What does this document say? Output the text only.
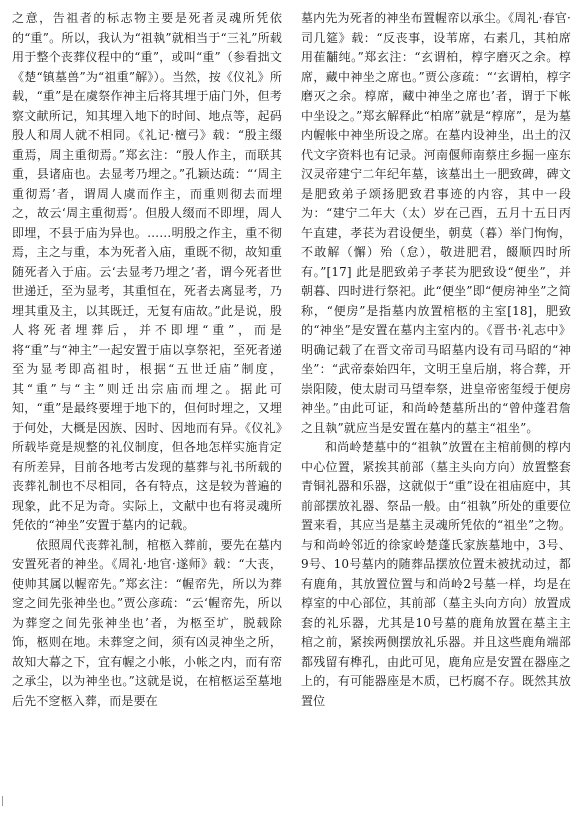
之意，告祖者的标志物主要是死者灵魂所凭依的“重”。所以，我认为“祖執”就相当于“三礼”所载用于整个丧葬仪程中的“重”，或叫“重”（参看拙文《楚“镇墓兽”为“祖重”解》）。当然，按《仪礼》所载，“重”是在虞祭作神主后将其埋于庙门外，但考察文献所记，知其埋入地下的时间、地点等，起码殷人和周人就不相同。《礼记·檀弓》载：“殷主缀重焉，周主重彻焉。”郑玄注：“殷人作主，而联其重，县诸庙也。去显考乃埋之。”孔颖达疏：“‘周主重彻焉’者，谓周人虞而作主，而重则彻去而埋之，故云‘周主重彻焉’。但殷人缀而不即埋，周人即埋，不县于庙为异也。……明殷之作主，重不彻焉，主之与重，本为死者入庙，重既不彻，故知重随死者入于庙。云‘去显考乃埋之’者，谓今死者世世递迁，至为显考，其重恒在，死者去离显考，乃埋其重及主，以其既迁，无复有庙故。”此是说，殷人将死者埋葬后，并不即埋“重”，而是将“重”与“神主”一起安置于庙以享祭祀，至死者递至为显考即高祖时，根据“五世迁庙”制度，其“重”与“主”则迁出宗庙而埋之。据此可知，“重”是最终要埋于地下的，但何时埋之，又埋于何处，大概是因族、因时、因地而有异。《仪礼》所载毕竟是规整的礼仪制度，但各地怎样实施肯定有所差异，目前各地考古发现的墓葬与礼书所载的丧葬礼制也不尽相同，各有特点，这是较为普遍的现象，此不足为奇。实际上，文献中也有将灵魂所凭依的“神坐”安置于墓内的记载。

依照周代丧葬礼制，棺柩入葬前，要先在墓内安置死者的神坐。《周礼·地官·遂师》载：“大丧，使帅其属以幄帟先。”郑玄注：“幄帟先，所以为葬窆之间先张神坐也。”贾公彦疏：“云‘幄帟先，所以为葬窆之间先张神坐也’者，为柩至圹，脱载除饰，柩则在地。未葬窆之间，须有凶灵神坐之所，故知大幕之下，宜有幄之小帐，小帐之内，而有帟之承尘，以为神坐也。”这就是说，在棺柩运至墓地后先不窆柩入葬，而是要在

墓内先为死者的神坐布置幄帟以承尘。《周礼·春官·司几筵》载：“反丧事，设苇席，右素几，其柏席用萑黼纯。”郑玄注：“玄谓柏，椁字磨灭之余。椁席，藏中神坐之席也。”贾公彦疏：“‘玄谓柏，椁字磨灭之余。椁席，藏中神坐之席也’者，谓于下帐中坐设之。”郑玄解释此“柏席”就是“椁席”，是为墓内幄帐中神坐所设之席。在墓内设神坐，出土的汉代文字资料也有记录。河南偃师南蔡庄乡掘一座东汉灵帝建宁二年纪年墓，该墓出土一肥致碑，碑文是肥致弟子颂扬肥致君事迹的内容，其中一段为：“建宁二年大（太）岁在己酉，五月十五日丙午直建，孝苌为君设便坐，朝莫（暮）举门恂恂，不敢解（懈）殆（怠），敬进肥君，餟顺四时所有。”[17] 此是肥致弟子孝苌为肥致设“便坐”，并朝暮、四时进行祭祀。此“便坐”即“便房神坐”之简称，“便房”是指墓内放置棺柩的主室[18]，肥致的“神坐”是安置在墓内主室内的。《晋书·礼志中》明确记载了在晋文帝司马昭墓内设有司马昭的“神坐”：“武帝泰始四年，文明王皇后崩，将合葬，开崇阳陵，使太尉司马望奉祭，进皇帝密玺绶于便房神坐。”由此可证，和尚岭楚墓所出的“曾仲蓬君詹之且執”就应当是安置在墓内的墓主“祖坐”。

和尚岭楚墓中的“祖執”放置在主棺前侧的椁内中心位置，紧挨其前部（墓主头向方向）放置整套青铜礼器和乐器，这就似于“重”设在祖庙庭中，其前部摆放礼器、祭品一般。由“祖執”所处的重要位置来看，其应当是墓主灵魂所凭依的“祖坐”之物。与和尚岭邻近的徐家岭楚蓬氏家族墓地中，3号、9号、10号墓内的随葬品摆放位置未被扰动过，都有鹿角，其放置位置与和尚岭2号墓一样，均是在椁室的中心部位，其前部（墓主头向方向）放置成套的礼乐器，尤其是10号墓的鹿角放置在墓主主棺之前，紧挨两侧摆放礼乐器。并且这些鹿角端部都残留有榫孔，由此可见，鹿角应是安置在器座之上的，有可能器座是木质，已朽腐不存。既然其放置位
